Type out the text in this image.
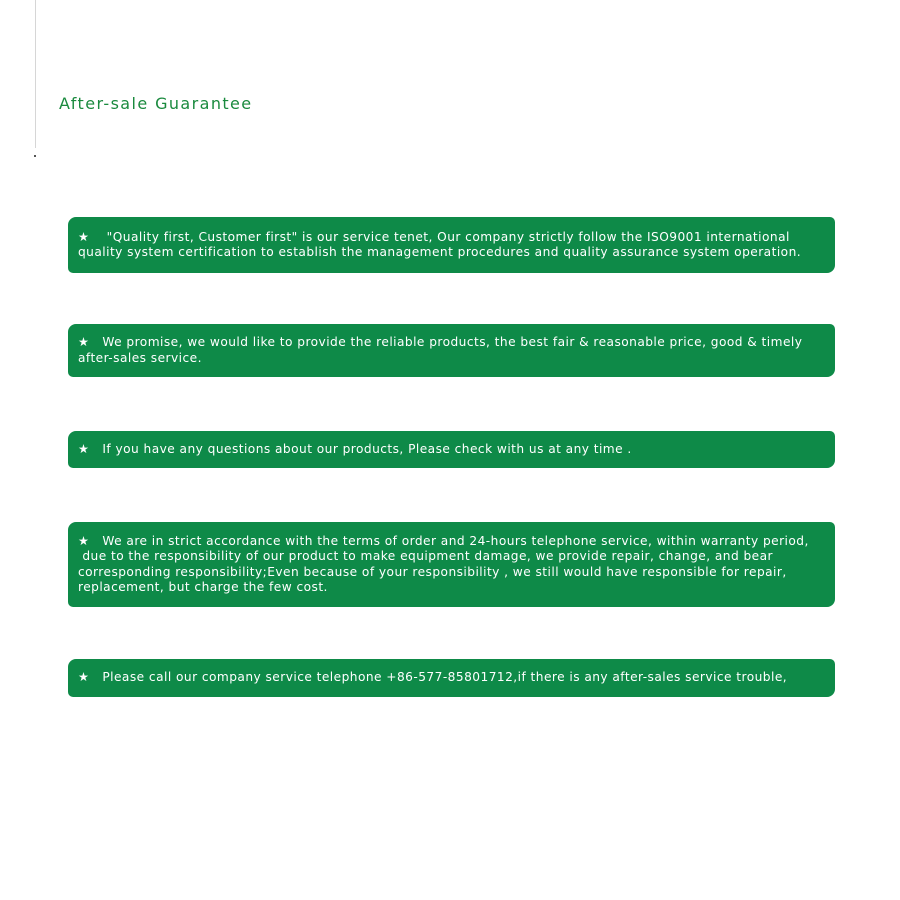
After-sale Guarantee

★    "Quality first, Customer first" is our service tenet, Our company strictly follow the ISO9001 international
quality system certification to establish the management procedures and quality assurance system operation.

★   We promise, we would like to provide the reliable products, the best fair & reasonable price, good & timely
after-sales service.

★   If you have any questions about our products, Please check with us at any time .

★   We are in strict accordance with the terms of order and 24-hours telephone service, within warranty period,
due to the responsibility of our product to make equipment damage, we provide repair, change, and bear
corresponding responsibility;Even because of your responsibility , we still would have responsible for repair,
replacement, but charge the few cost.

★   Please call our company service telephone +86-577-85801712,if there is any after-sales service trouble,
